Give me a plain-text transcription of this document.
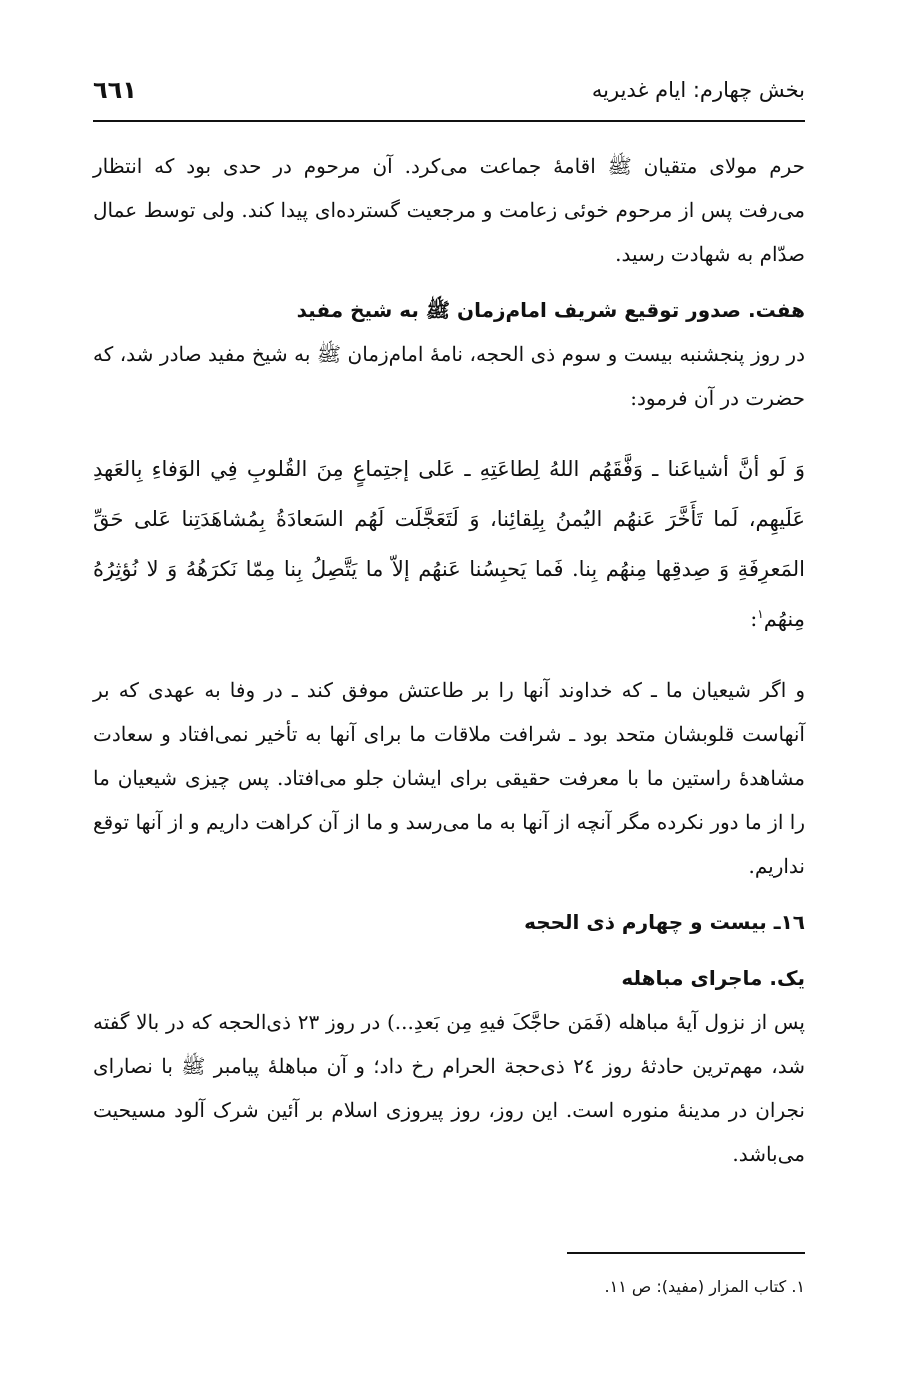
بخش چهارم: ایام غدیریه
٦٦١

حرم مولای متقیان ﷺ اقامهٔ جماعت می‌کرد. آن مرحوم در حدی بود که انتظار می‌رفت پس از مرحوم خوئی زعامت و مرجعیت گسترده‌ای پیدا کند. ولی توسط عمال صدّام به شهادت رسید.

هفت. صدور توقیع شریف امام‌زمان ﷺ به شیخ مفید

در روز پنجشنبه بیست و سوم ذی الحجه، نامهٔ امام‌زمان ﷺ به شیخ مفید صادر شد، که حضرت در آن فرمود:

وَ لَو أنَّ أشياعَنا ـ وَفَّقَهُم اللهُ لِطاعَتِهِ ـ عَلى إجتِماعٍ مِنَ القُلوبِ فِي الوَفاءِ بِالعَهدِ عَلَيهِم، لَما تَأَخَّرَ عَنهُم اليُمنُ بِلِقائِنا، وَ لَتَعَجَّلَت لَهُم السَعادَةُ بِمُشاهَدَتِنا عَلى حَقِّ المَعرِفَةِ وَ صِدقِها مِنهُم بِنا. فَما يَحبِسُنا عَنهُم إلاّ ما يَتَّصِلُ بِنا مِمّا نَكرَهُهُ وَ لا نُؤثِرُهُ مِنهُم$^١$:

و اگر شیعیان ما ـ که خداوند آنها را بر طاعتش موفق کند ـ در وفا به عهدی که بر آنهاست قلوبشان متحد بود ـ شرافت ملاقات ما برای آنها به تأخیر نمی‌افتاد و سعادت مشاهدهٔ راستین ما با معرفت حقیقی برای ایشان جلو می‌افتاد. پس چیزی شیعیان ما را از ما دور نکرده مگر آنچه از آنها به ما می‌رسد و ما از آن کراهت داریم و از آنها توقع نداریم.

١٦ـ بیست و چهارم ذی الحجه
یک. ماجرای مباهله

پس از نزول آیهٔ مباهله (فَمَن حاجَّکَ فیهِ مِن بَعدِ...) در روز ٢٣ ذی‌الحجه که در بالا گفته شد، مهم‌ترین حادثهٔ روز ٢٤ ذی‌حجة الحرام رخ داد؛ و آن مباهلهٔ پیامبر ﷺ با نصارای نجران در مدینهٔ منوره است. این روز، روز پیروزی اسلام بر آئین شرک آلود مسیحیت می‌باشد.

١. کتاب المزار (مفید): ص ١١.
